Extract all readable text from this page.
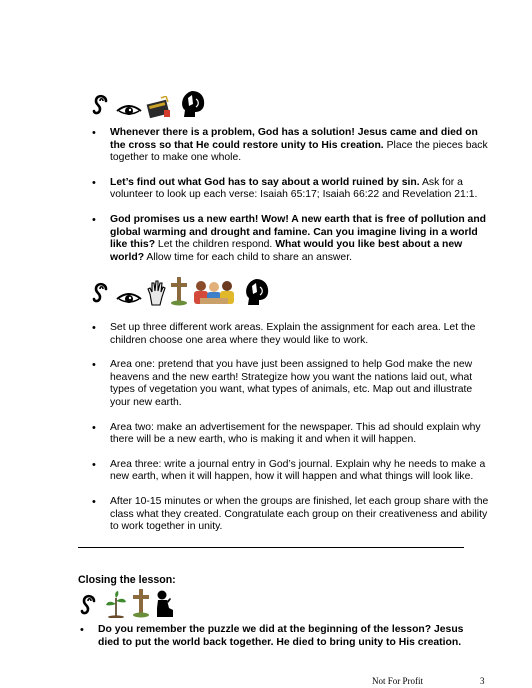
• Whenever there is a problem, God has a solution! Jesus came and died on the cross so that He could restore unity to His creation. Place the pieces back together to make one whole.
• Let’s find out what God has to say about a world ruined by sin. Ask for a volunteer to look up each verse: Isaiah 65:17; Isaiah 66:22 and Revelation 21:1.
• God promises us a new earth! Wow! A new earth that is free of pollution and global warming and drought and famine. Can you imagine living in a world like this? Let the children respond. What would you like best about a new world? Allow time for each child to share an answer.
• Set up three different work areas. Explain the assignment for each area. Let the children choose one area where they would like to work.
• Area one: pretend that you have just been assigned to help God make the new heavens and the new earth! Strategize how you want the nations laid out, what types of vegetation you want, what types of animals, etc. Map out and illustrate your new earth.
• Area two: make an advertisement for the newspaper. This ad should explain why there will be a new earth, who is making it and when it will happen.
• Area three: write a journal entry in God’s journal. Explain why he needs to make a new earth, when it will happen, how it will happen and what things will look like.
• After 10-15 minutes or when the groups are finished, let each group share with the class what they created. Congratulate each group on their creativeness and ability to work together in unity.
Closing the lesson:
• Do you remember the puzzle we did at the beginning of the lesson? Jesus died to put the world back together. He died to bring unity to His creation.
Not For Profit	3
